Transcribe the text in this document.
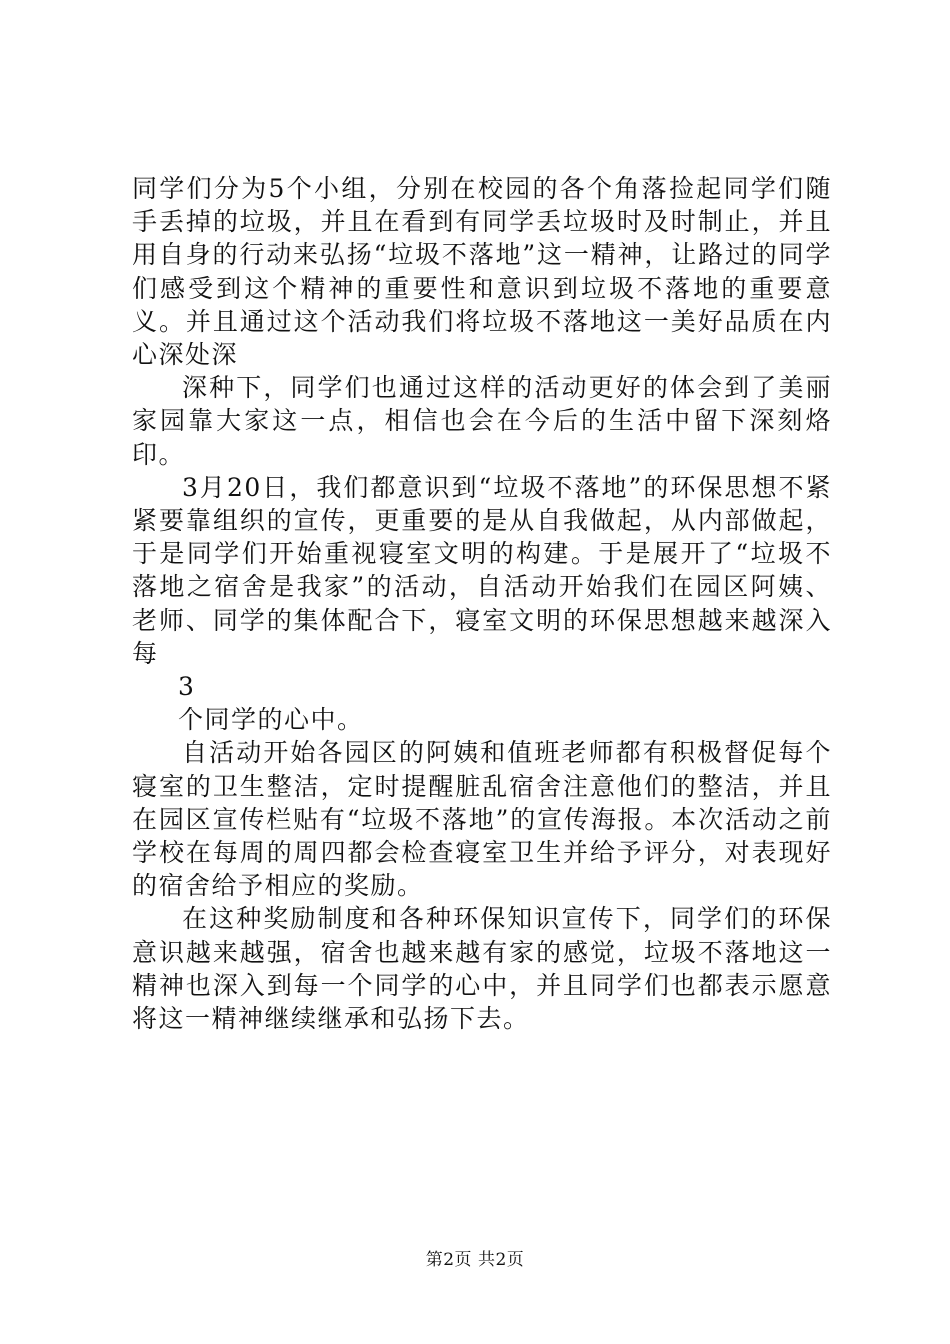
同学们分为5个小组，分别在校园的各个角落捡起同学们随手丢掉的垃圾，并且在看到有同学丢垃圾时及时制止，并且用自身的行动来弘扬“垃圾不落地”这一精神，让路过的同学们感受到这个精神的重要性和意识到垃圾不落地的重要意义。并且通过这个活动我们将垃圾不落地这一美好品质在内心深处深

深种下，同学们也通过这样的活动更好的体会到了美丽家园靠大家这一点，相信也会在今后的生活中留下深刻烙印。

3月20日，我们都意识到“垃圾不落地”的环保思想不紧紧要靠组织的宣传，更重要的是从自我做起，从内部做起，于是同学们开始重视寝室文明的构建。于是展开了“垃圾不落地之宿舍是我家”的活动，自活动开始我们在园区阿姨、老师、同学的集体配合下，寝室文明的环保思想越来越深入每

3

个同学的心中。

自活动开始各园区的阿姨和值班老师都有积极督促每个寝室的卫生整洁，定时提醒脏乱宿舍注意他们的整洁，并且在园区宣传栏贴有“垃圾不落地”的宣传海报。本次活动之前学校在每周的周四都会检查寝室卫生并给予评分，对表现好的宿舍给予相应的奖励。

在这种奖励制度和各种环保知识宣传下，同学们的环保意识越来越强，宿舍也越来越有家的感觉，垃圾不落地这一精神也深入到每一个同学的心中，并且同学们也都表示愿意将这一精神继续继承和弘扬下去。

第2页 共2页
